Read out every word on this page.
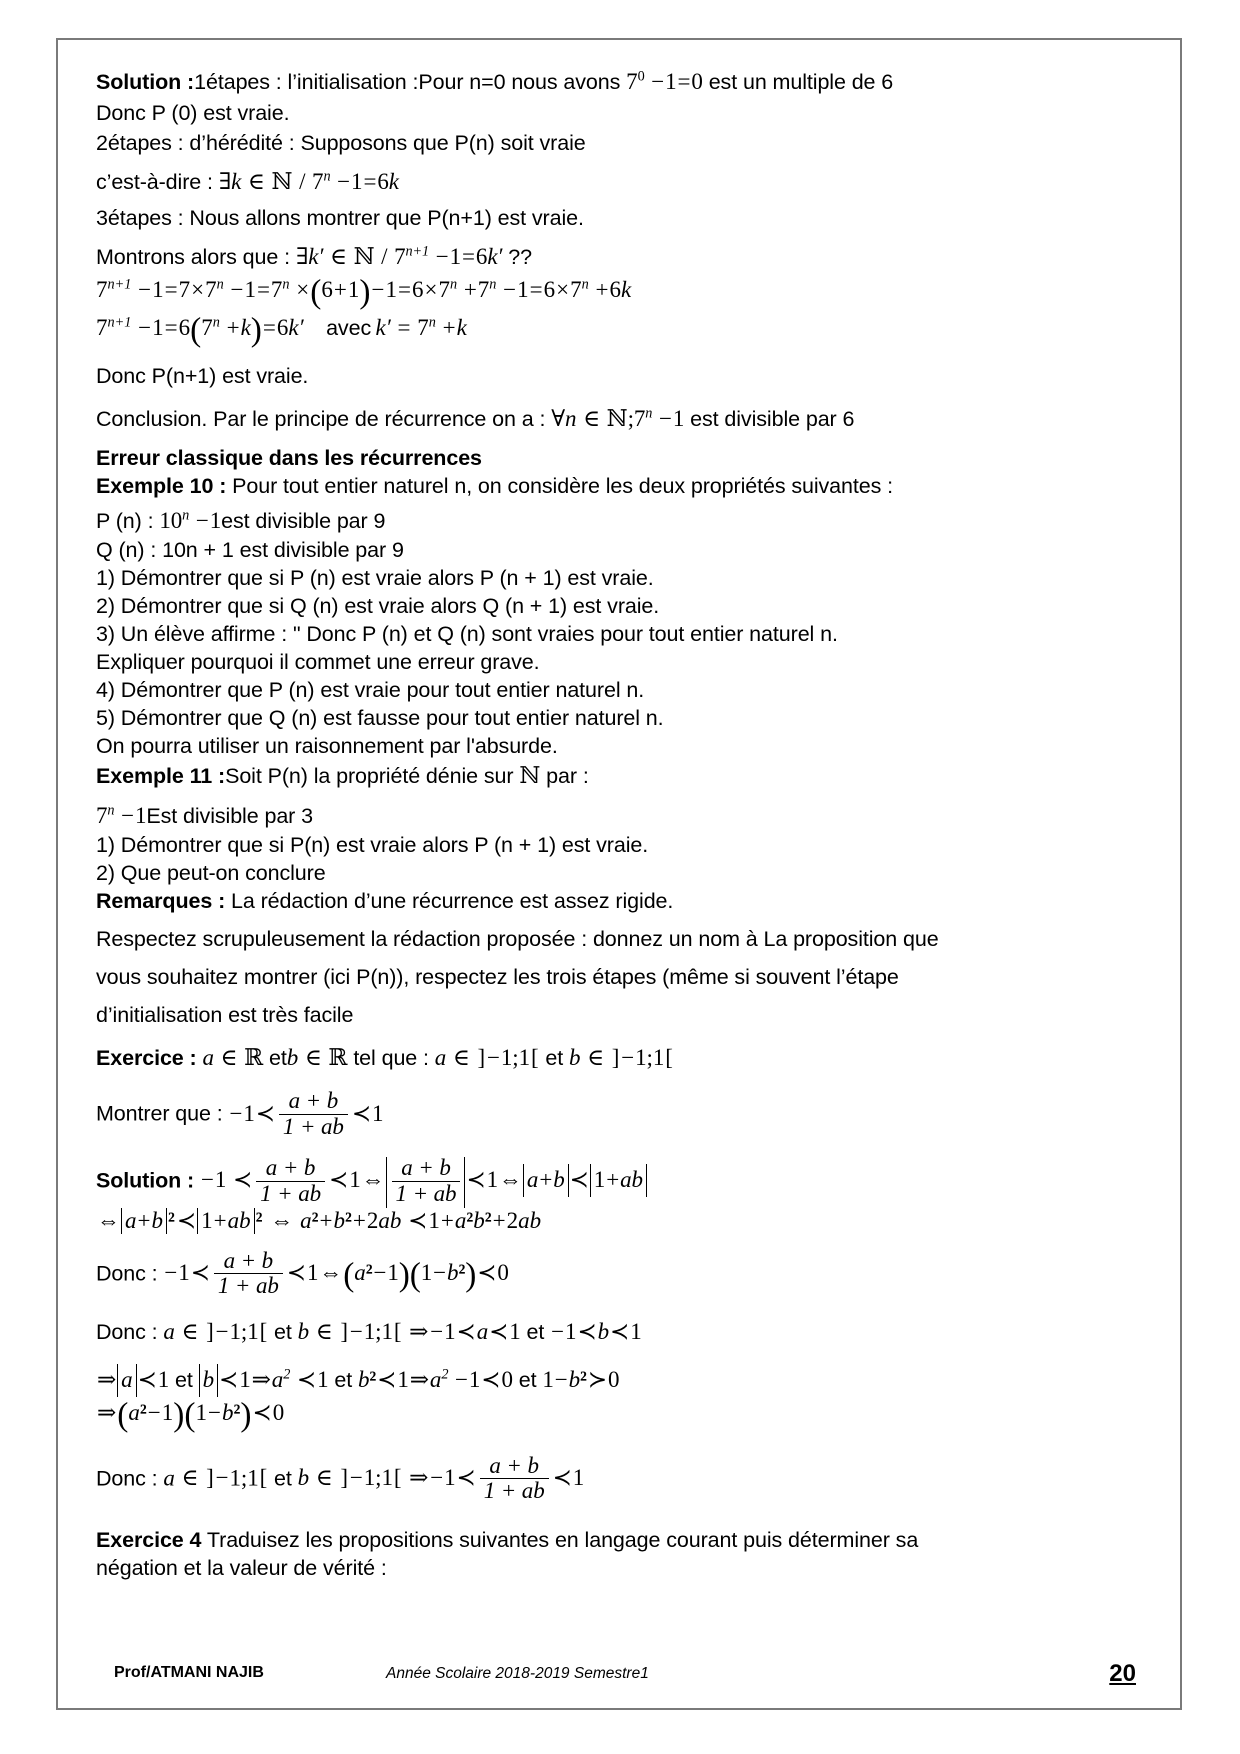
Solution :1étapes : l’initialisation :Pour n=0 nous avons $7^0 -1=0$ est un multiple de 6
Donc P (0) est vraie.
2étapes : d’hérédité : Supposons que P(n) soit vraie
c’est-à-dire : ∃k ∈ ℕ / $7^n -1=6k$
3étapes : Nous allons montrer que P(n+1) est vraie.
Montrons alors que : ∃k′ ∈ ℕ / $7^{n+1} -1=6k'$ ??
$7^{n+1} -1=7\times 7^n -1=7^n \times(6+1)-1=6\times 7^n +7^n -1=6\times 7^n +6k$
$7^{n+1} -1=6(7^n +k)=6k'$ avec $k' = 7^n +k$
Donc P(n+1) est vraie.
Conclusion. Par le principe de récurrence on a : ∀n ∈ $ℕ;7^n -1$ est divisible par 6
Erreur classique dans les récurrences
Exemple 10 : Pour tout entier naturel n, on considère les deux propriétés suivantes :
P (n) : $10^n -1est$ divisible par 9
Q (n) : 10n + 1 est divisible par 9
1) Démontrer que si P (n) est vraie alors P (n + 1) est vraie.
2) Démontrer que si Q (n) est vraie alors Q (n + 1) est vraie.
3) Un élève affirme : " Donc P (n) et Q (n) sont vraies pour tout entier naturel n.
Expliquer pourquoi il commet une erreur grave.
4) Démontrer que P (n) est vraie pour tout entier naturel n.
5) Démontrer que Q (n) est fausse pour tout entier naturel n.
On pourra utiliser un raisonnement par l'absurde.
Exemple 11 :Soit P(n) la propriété dénie sur ℕ par :
$7^n -1Est$ divisible par 3
1) Démontrer que si P(n) est vraie alors P (n + 1) est vraie.
2) Que peut-on conclure
Remarques : La rédaction d’une récurrence est assez rigide.
Respectez scrupuleusement la rédaction proposée : donnez un nom à La proposition que
vous souhaitez montrer (ici P(n)), respectez les trois étapes (même si souvent l’étape
d’initialisation est très facile
Exercice : a ∈ ℝ etb ∈ ℝ tel que : a ∈ ]−1;1[ et b ∈ ]−1;1[
Montrer que : −1≺ $\frac{a + b}{1 + ab}$ ≺1
Solution : −1 ≺ $\frac{a + b}{1 + ab}$ ≺1⇔ $\frac{a + b}{1 + ab}$ ≺1⇔ a+b ≺ 1+ab
⇔ a+b ²≺ 1+ab ² ⇔ a²+b²+2ab ≺1+a²b²+2ab
Donc : −1≺ $\frac{a + b}{1 + ab}$ ≺1⇔(a²−1)(1−b²)≺0
Donc : a ∈ ]−1;1[ et b ∈ ]−1;1[ ⇒−1≺a≺1 et −1≺b≺1
⇒ a ≺1 et b $≺1\Rightarrow a^2$ ≺1 et $b^2≺1\Rightarrow a^2$ −1≺0 et 1−b²≻0
⇒(a²−1)(1−b²)≺0
Donc : a ∈ ]−1;1[ et b ∈ ]−1;1[ ⇒−1≺ $\frac{a + b}{1 + ab}$ ≺1
Exercice 4 Traduisez les propositions suivantes en langage courant puis déterminer sa
négation et la valeur de vérité :
Prof/ATMANI NAJIB	Année Scolaire 2018-2019 Semestre1	20
